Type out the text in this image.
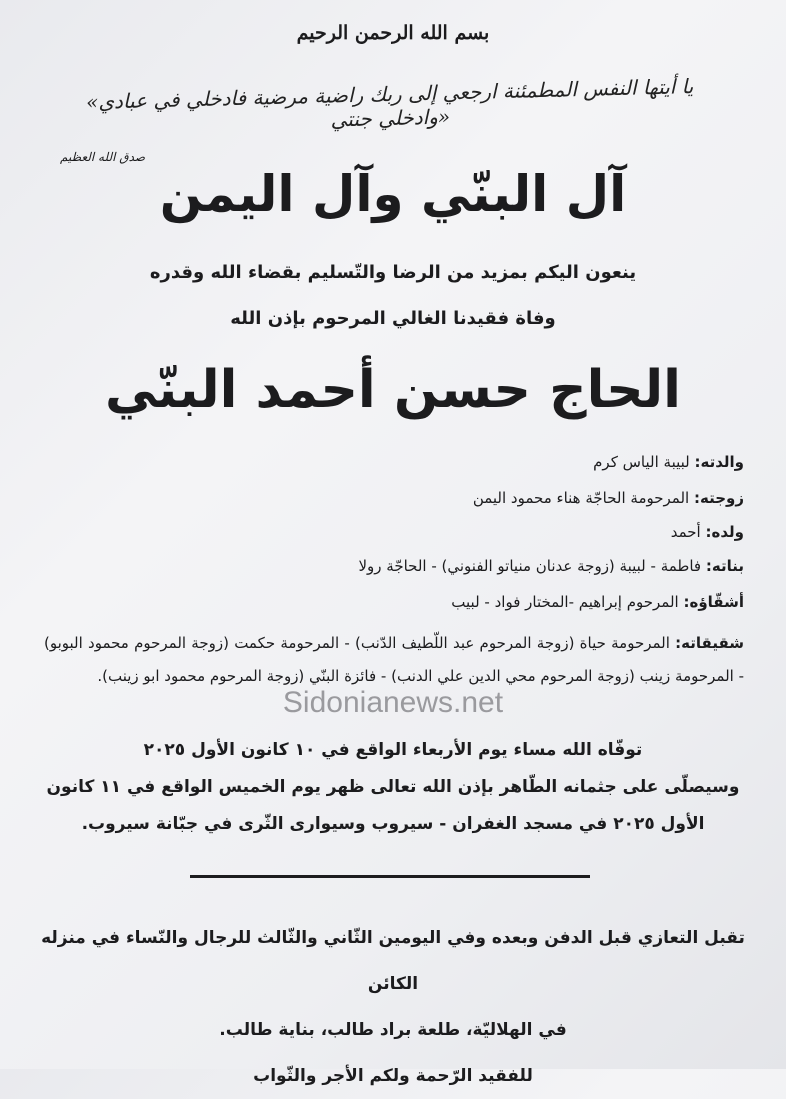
بسم الله الرحمن الرحيم
«يا أيتها النفس المطمئنة ارجعي إلى ربك راضية مرضية فادخلي في عبادي وادخلي جنتي»
صدق الله العظيم
آل البنّي وآل اليمن
ينعون اليكم بمزيد من الرضا والتّسليم بقضاء الله وقدره
وفاة فقيدنا الغالي المرحوم بإذن الله
الحاج حسن أحمد البنّي
والدته: لبيبة الياس كرم
زوجته: المرحومة الحاجّة هناء محمود اليمن
ولده: أحمد
بناته: فاطمة - لبيبة (زوجة عدنان منياتو الفنوني) - الحاجّة رولا
أشقّاؤه: المرحوم إبراهيم -المختار فواد - لبيب
شقيقاته: المرحومة حياة (زوجة المرحوم عبد اللّطيف الدّنب) - المرحومة حكمت (زوجة المرحوم محمود البوبو) - المرحومة زينب (زوجة المرحوم محي الدين علي الدنب) - فائزة البنّي (زوجة المرحوم محمود ابو زينب).
Sidonianews.net
توفّاه الله مساء يوم الأربعاء الواقع في ١٠ كانون الأول ٢٠٢٥
وسيصلّى على جثمانه الطّاهر بإذن الله تعالى ظهر يوم الخميس الواقع في ١١ كانون الأول ٢٠٢٥ في مسجد الغفران - سيروب وسيوارى الثّرى في جبّانة سيروب.
تقبل التعازي قبل الدفن وبعده وفي اليومين الثّاني والثّالث للرجال والنّساء في منزله الكائن
في الهلاليّة، طلعة براد طالب، بناية طالب.
للفقيد الرّحمة ولكم الأجر والثّواب
